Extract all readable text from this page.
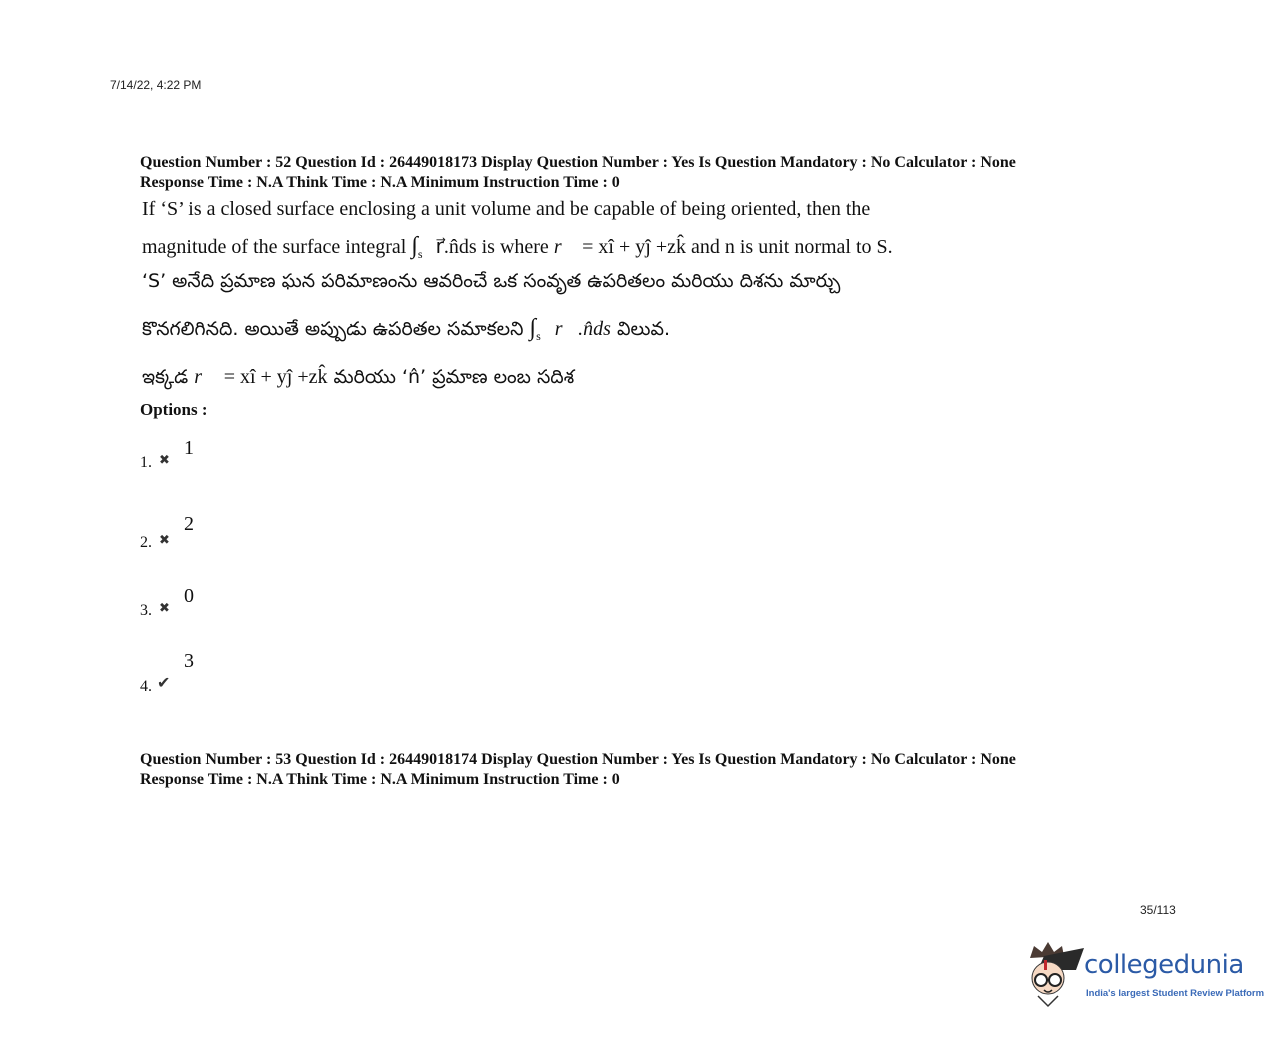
7/14/22, 4:22 PM
Question Number : 52 Question Id : 26449018173 Display Question Number : Yes Is Question Mandatory : No Calculator : None
Response Time : N.A Think Time : N.A Minimum Instruction Time : 0
If ‘S’ is a closed surface enclosing a unit volume and be capable of being oriented, then the
magnitude of the surface integral $\int_s$ r⃗.n̂ds is where r⃗ = xî + yĵ +zk̂ and n is unit normal to S.
‘S’ అనేది ప్రమాణ ఘన పరిమాణంను ఆవరించే ఒక సంవృత ఉపరితలం మరియు దిశను మార్చు
కొనగలిగినది. అయితే అప్పుడు ఉపరితల సమాకలని $\int_s$ r⃗.n̂ds విలువ.
ఇక్కడ r⃗ = xî + yĵ +zk̂ మరియు ‘n̂’ ప్రమాణ లంబ సదిశ
Options :
1. ✖
1
2. ✖
2
3. ✖
0
4. ✔
3
Question Number : 53 Question Id : 26449018174 Display Question Number : Yes Is Question Mandatory : No Calculator : None
Response Time : N.A Think Time : N.A Minimum Instruction Time : 0
35/113
collegedunia
India's largest Student Review Platform
